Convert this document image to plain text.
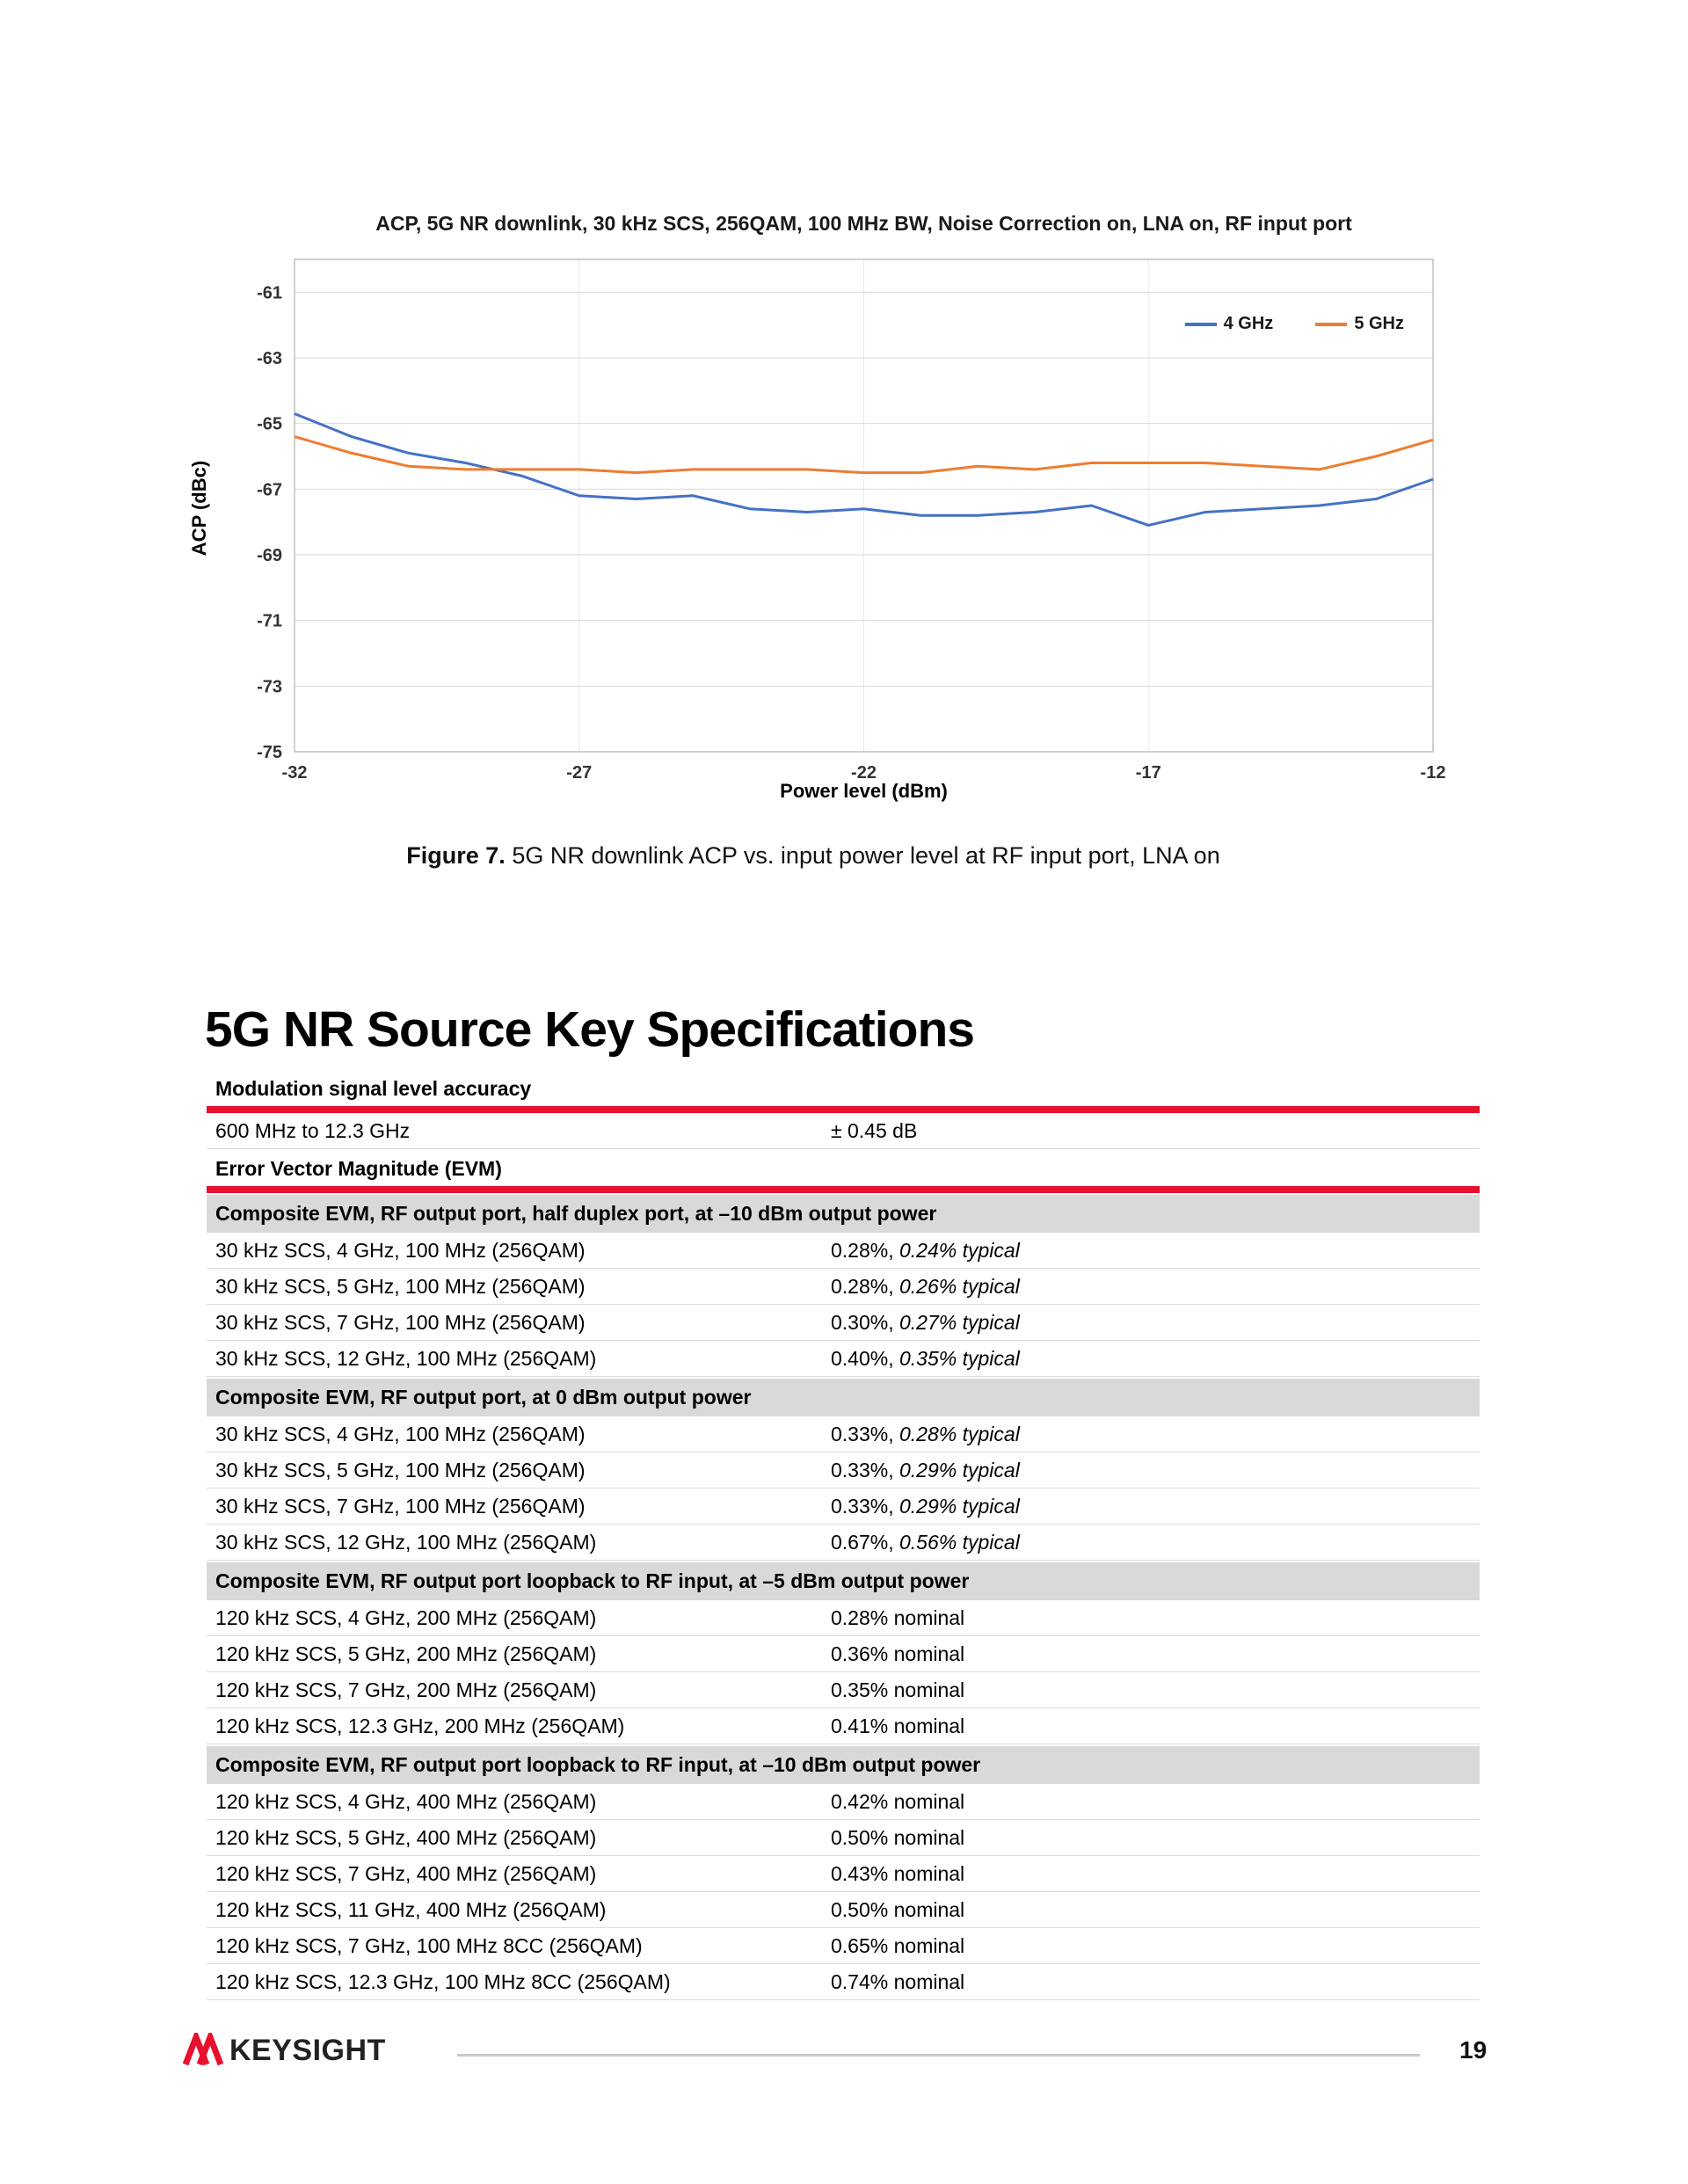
ACP, 5G NR downlink, 30 kHz SCS, 256QAM, 100 MHz BW, Noise Correction on, LNA on, RF input port
-61
-63
-65
-67
-69
-71
-73
-75
-32	-27	-22	-17	-12
ACP (dBc)
Power level (dBm)
4 GHz	5 GHz
Figure 7. 5G NR downlink ACP vs. input power level at RF input port, LNA on
5G NR Source Key Specifications
Modulation signal level accuracy
600 MHz to 12.3 GHz	± 0.45 dB
Error Vector Magnitude (EVM)
Composite EVM, RF output port, half duplex port, at –10 dBm output power
30 kHz SCS, 4 GHz, 100 MHz (256QAM)	0.28%, 0.24% typical
30 kHz SCS, 5 GHz, 100 MHz (256QAM)	0.28%, 0.26% typical
30 kHz SCS, 7 GHz, 100 MHz (256QAM)	0.30%, 0.27% typical
30 kHz SCS, 12 GHz, 100 MHz (256QAM)	0.40%, 0.35% typical
Composite EVM, RF output port, at 0 dBm output power
30 kHz SCS, 4 GHz, 100 MHz (256QAM)	0.33%, 0.28% typical
30 kHz SCS, 5 GHz, 100 MHz (256QAM)	0.33%, 0.29% typical
30 kHz SCS, 7 GHz, 100 MHz (256QAM)	0.33%, 0.29% typical
30 kHz SCS, 12 GHz, 100 MHz (256QAM)	0.67%, 0.56% typical
Composite EVM, RF output port loopback to RF input, at –5 dBm output power
120 kHz SCS, 4 GHz, 200 MHz (256QAM)	0.28% nominal
120 kHz SCS, 5 GHz, 200 MHz (256QAM)	0.36% nominal
120 kHz SCS, 7 GHz, 200 MHz (256QAM)	0.35% nominal
120 kHz SCS, 12.3 GHz, 200 MHz (256QAM)	0.41% nominal
Composite EVM, RF output port loopback to RF input, at –10 dBm output power
120 kHz SCS, 4 GHz, 400 MHz (256QAM)	0.42% nominal
120 kHz SCS, 5 GHz, 400 MHz (256QAM)	0.50% nominal
120 kHz SCS, 7 GHz, 400 MHz (256QAM)	0.43% nominal
120 kHz SCS, 11 GHz, 400 MHz (256QAM)	0.50% nominal
120 kHz SCS, 7 GHz, 100 MHz 8CC (256QAM)	0.65% nominal
120 kHz SCS, 12.3 GHz, 100 MHz 8CC (256QAM)	0.74% nominal
KEYSIGHT	19
